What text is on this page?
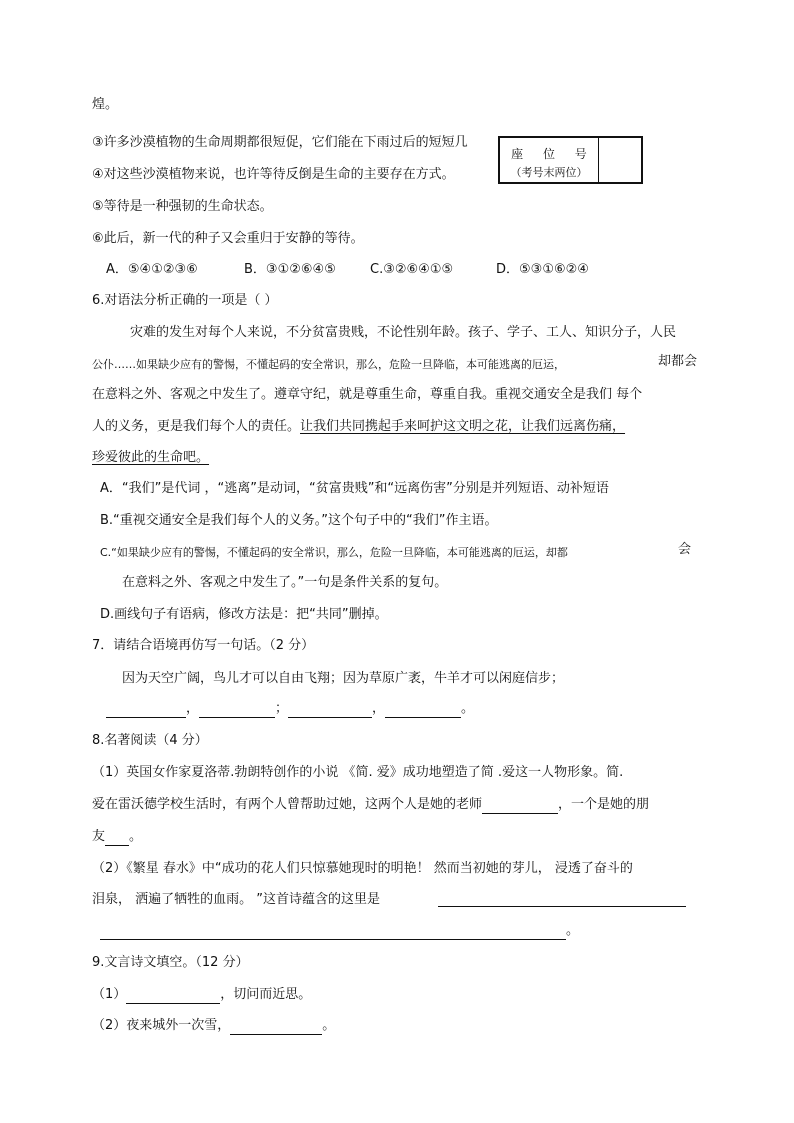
煌。
③许多沙漠植物的生命周期都很短促，它们能在下雨过后的短短几
④对这些沙漠植物来说，也许等待反倒是生命的主要存在方式。
⑤等待是一种强韧的生命状态。
⑥此后，新一代的种子又会重归于安静的等待。
座 位 号
（考号末两位）
A．⑤④①②③⑥	B．③①②⑥④⑤	C.③②⑥④①⑤	D．⑤③①⑥②④
6.对语法分析正确的一项是（ ）
灾难的发生对每个人来说，不分贫富贵贱，不论性别年龄。孩子、学子、工人、知识分子，人民
公仆……如果缺少应有的警惕，不懂起码的安全常识，那么，危险一旦降临，本可能逃离的厄运，	却都会
在意料之外、客观之中发生了。遵章守纪，就是尊重生命，尊重自我。重视交通安全是我们 每个
人的义务，更是我们每个人的责任。让我们共同携起手来呵护这文明之花，让我们远离伤痛，
珍爱彼此的生命吧。
A．“我们”是代词 ，“逃离”是动词，“贫富贵贱”和“远离伤害”分别是并列短语、动补短语
B.“重视交通安全是我们每个人的义务。”这个句子中的“我们”作主语。
C.“如果缺少应有的警惕，不懂起码的安全常识，那么，危险一旦降临，本可能逃离的厄运，却都	会
在意料之外、客观之中发生了。”一句是条件关系的复句。
D.画线句子有语病，修改方法是：把“共同”删掉。
7．请结合语境再仿写一句话。（2 分）
因为天空广阔，鸟儿才可以自由飞翔；因为草原广袤，牛羊才可以闲庭信步；
，	；	，	。
8.名著阅读（4 分）
（1）英国女作家夏洛蒂.勃朗特创作的小说 《简. 爱》成功地塑造了简 .爱这一人物形象。简.
爱在雷沃德学校生活时，有两个人曾帮助过她，这两个人是她的老师	，一个是她的朋
友 。
（2）《繁星 春水》中“成功的花人们只惊慕她现时的明艳！ 然而当初她的芽儿， 浸透了奋斗的
泪泉， 洒遍了牺牲的血雨。 ”这首诗蕴含的这里是
。
9.文言诗文填空。（12 分）
（1）	，切问而近思。
（2）夜来城外一次雪，	。
